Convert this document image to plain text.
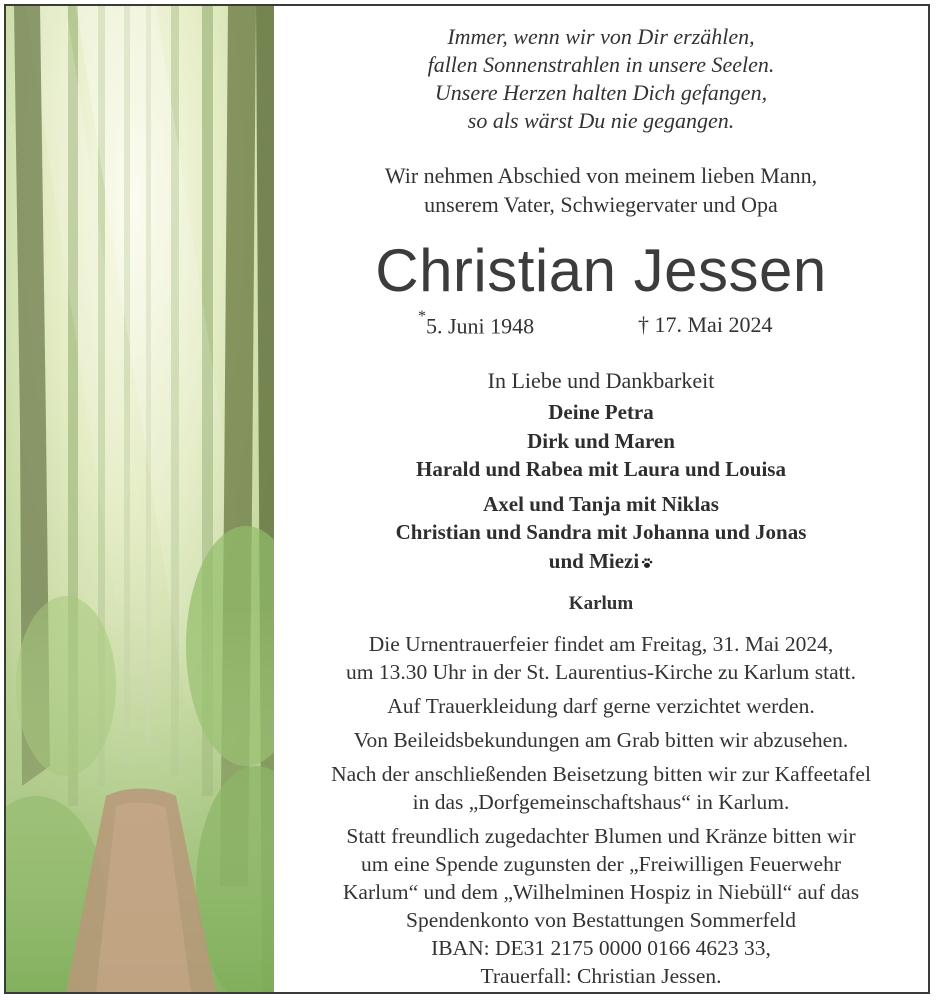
Immer, wenn wir von Dir erzählen,
fallen Sonnenstrahlen in unsere Seelen.
Unsere Herzen halten Dich gefangen,
so als wärst Du nie gegangen.
Wir nehmen Abschied von meinem lieben Mann,
unserem Vater, Schwiegervater und Opa
Christian Jessen
*5. Juni 1948	† 17. Mai 2024
In Liebe und Dankbarkeit
Deine Petra
Dirk und Maren
Harald und Rabea mit Laura und Louisa
Axel und Tanja mit Niklas
Christian und Sandra mit Johanna und Jonas
und Miezi
Karlum
Die Urnentrauerfeier findet am Freitag, 31. Mai 2024,
um 13.30 Uhr in der St. Laurentius-Kirche zu Karlum statt.
Auf Trauerkleidung darf gerne verzichtet werden.
Von Beileidsbekundungen am Grab bitten wir abzusehen.
Nach der anschließenden Beisetzung bitten wir zur Kaffeetafel
in das „Dorfgemeinschaftshaus“ in Karlum.
Statt freundlich zugedachter Blumen und Kränze bitten wir
um eine Spende zugunsten der „Freiwilligen Feuerwehr
Karlum“ und dem „Wilhelminen Hospiz in Niebüll“ auf das
Spendenkonto von Bestattungen Sommerfeld
IBAN: DE31 2175 0000 0166 4623 33,
Trauerfall: Christian Jessen.
